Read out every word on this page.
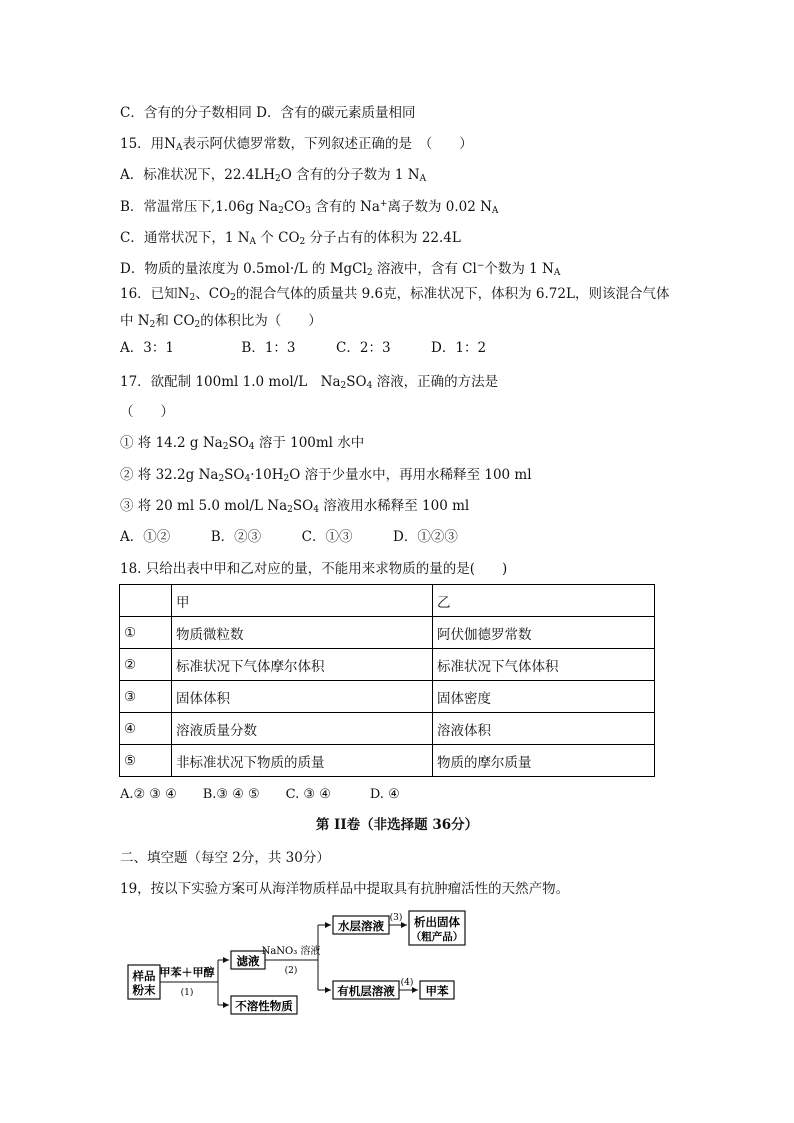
C．含有的分子数相同 D．含有的碳元素质量相同
15．用$N_A$表示阿伏德罗常数，下列叙述正确的是　（　　）
A．标准状况下，$22.4LH_2O$ 含有的分子数为 1 $N_A$
B．常温常压下,1.06g $Na_2CO_3$ 含有的 Na+离子数为 0.02 $N_A$
C．通常状况下，1 $N_A$ 个 $CO_2$ 分子占有的体积为 22.4L
D．物质的量浓度为 0.5mol·/L 的 MgCl$_2$ 溶液中，含有 Cl−个数为 1 $N_A$
16．已知$N_2$、$CO_2$的混合气体的质量共 9.6克，标准状况下，体积为 6.72L，则该混合气体
中 $N_2$和 $CO_2$的体积比为（　　）
A．3：1　　　　　B．1：3　　　C．2：3　　　D．1：2
17．欲配制 100ml 1.0 mol/L　$Na_2SO_4$ 溶液，正确的方法是
（　　）
① 将 14.2 g $Na_2SO_4$ 溶于 100ml 水中
② 将 32.2g $Na_2SO_4\cdot 10H_2O$ 溶于少量水中，再用水稀释至 100 ml
③ 将 20 ml 5.0 mol/L $Na_2SO_4$ 溶液用水稀释至 100 ml
A．①②　　　B．②③　　　C．①③　　　D．①②③
18. 只给出表中甲和乙对应的量，不能用来求物质的量的是(　　)
	甲	乙
①	物质微粒数	阿伏伽德罗常数
②	标准状况下气体摩尔体积	标准状况下气体体积
③	固体体积	固体密度
④	溶液质量分数	溶液体积
⑤	非标准状况下物质的质量	物质的摩尔质量
A.② ③ ④　　B.③ ④ ⑤　　C. ③ ④　　　D. ④
第 II卷（非选择题 36分）
二、填空题（每空 2分，共 30分）
19，按以下实验方案可从海洋物质样品中提取具有抗肿瘤活性的天然产物。
样品
粉末
甲苯＋甲醇
(1)
滤液
不溶性物质
NaNO₃ 溶液
(2)
水层溶液
(3) 析出固体
（粗产品）
有机层溶液
(4)
甲苯
